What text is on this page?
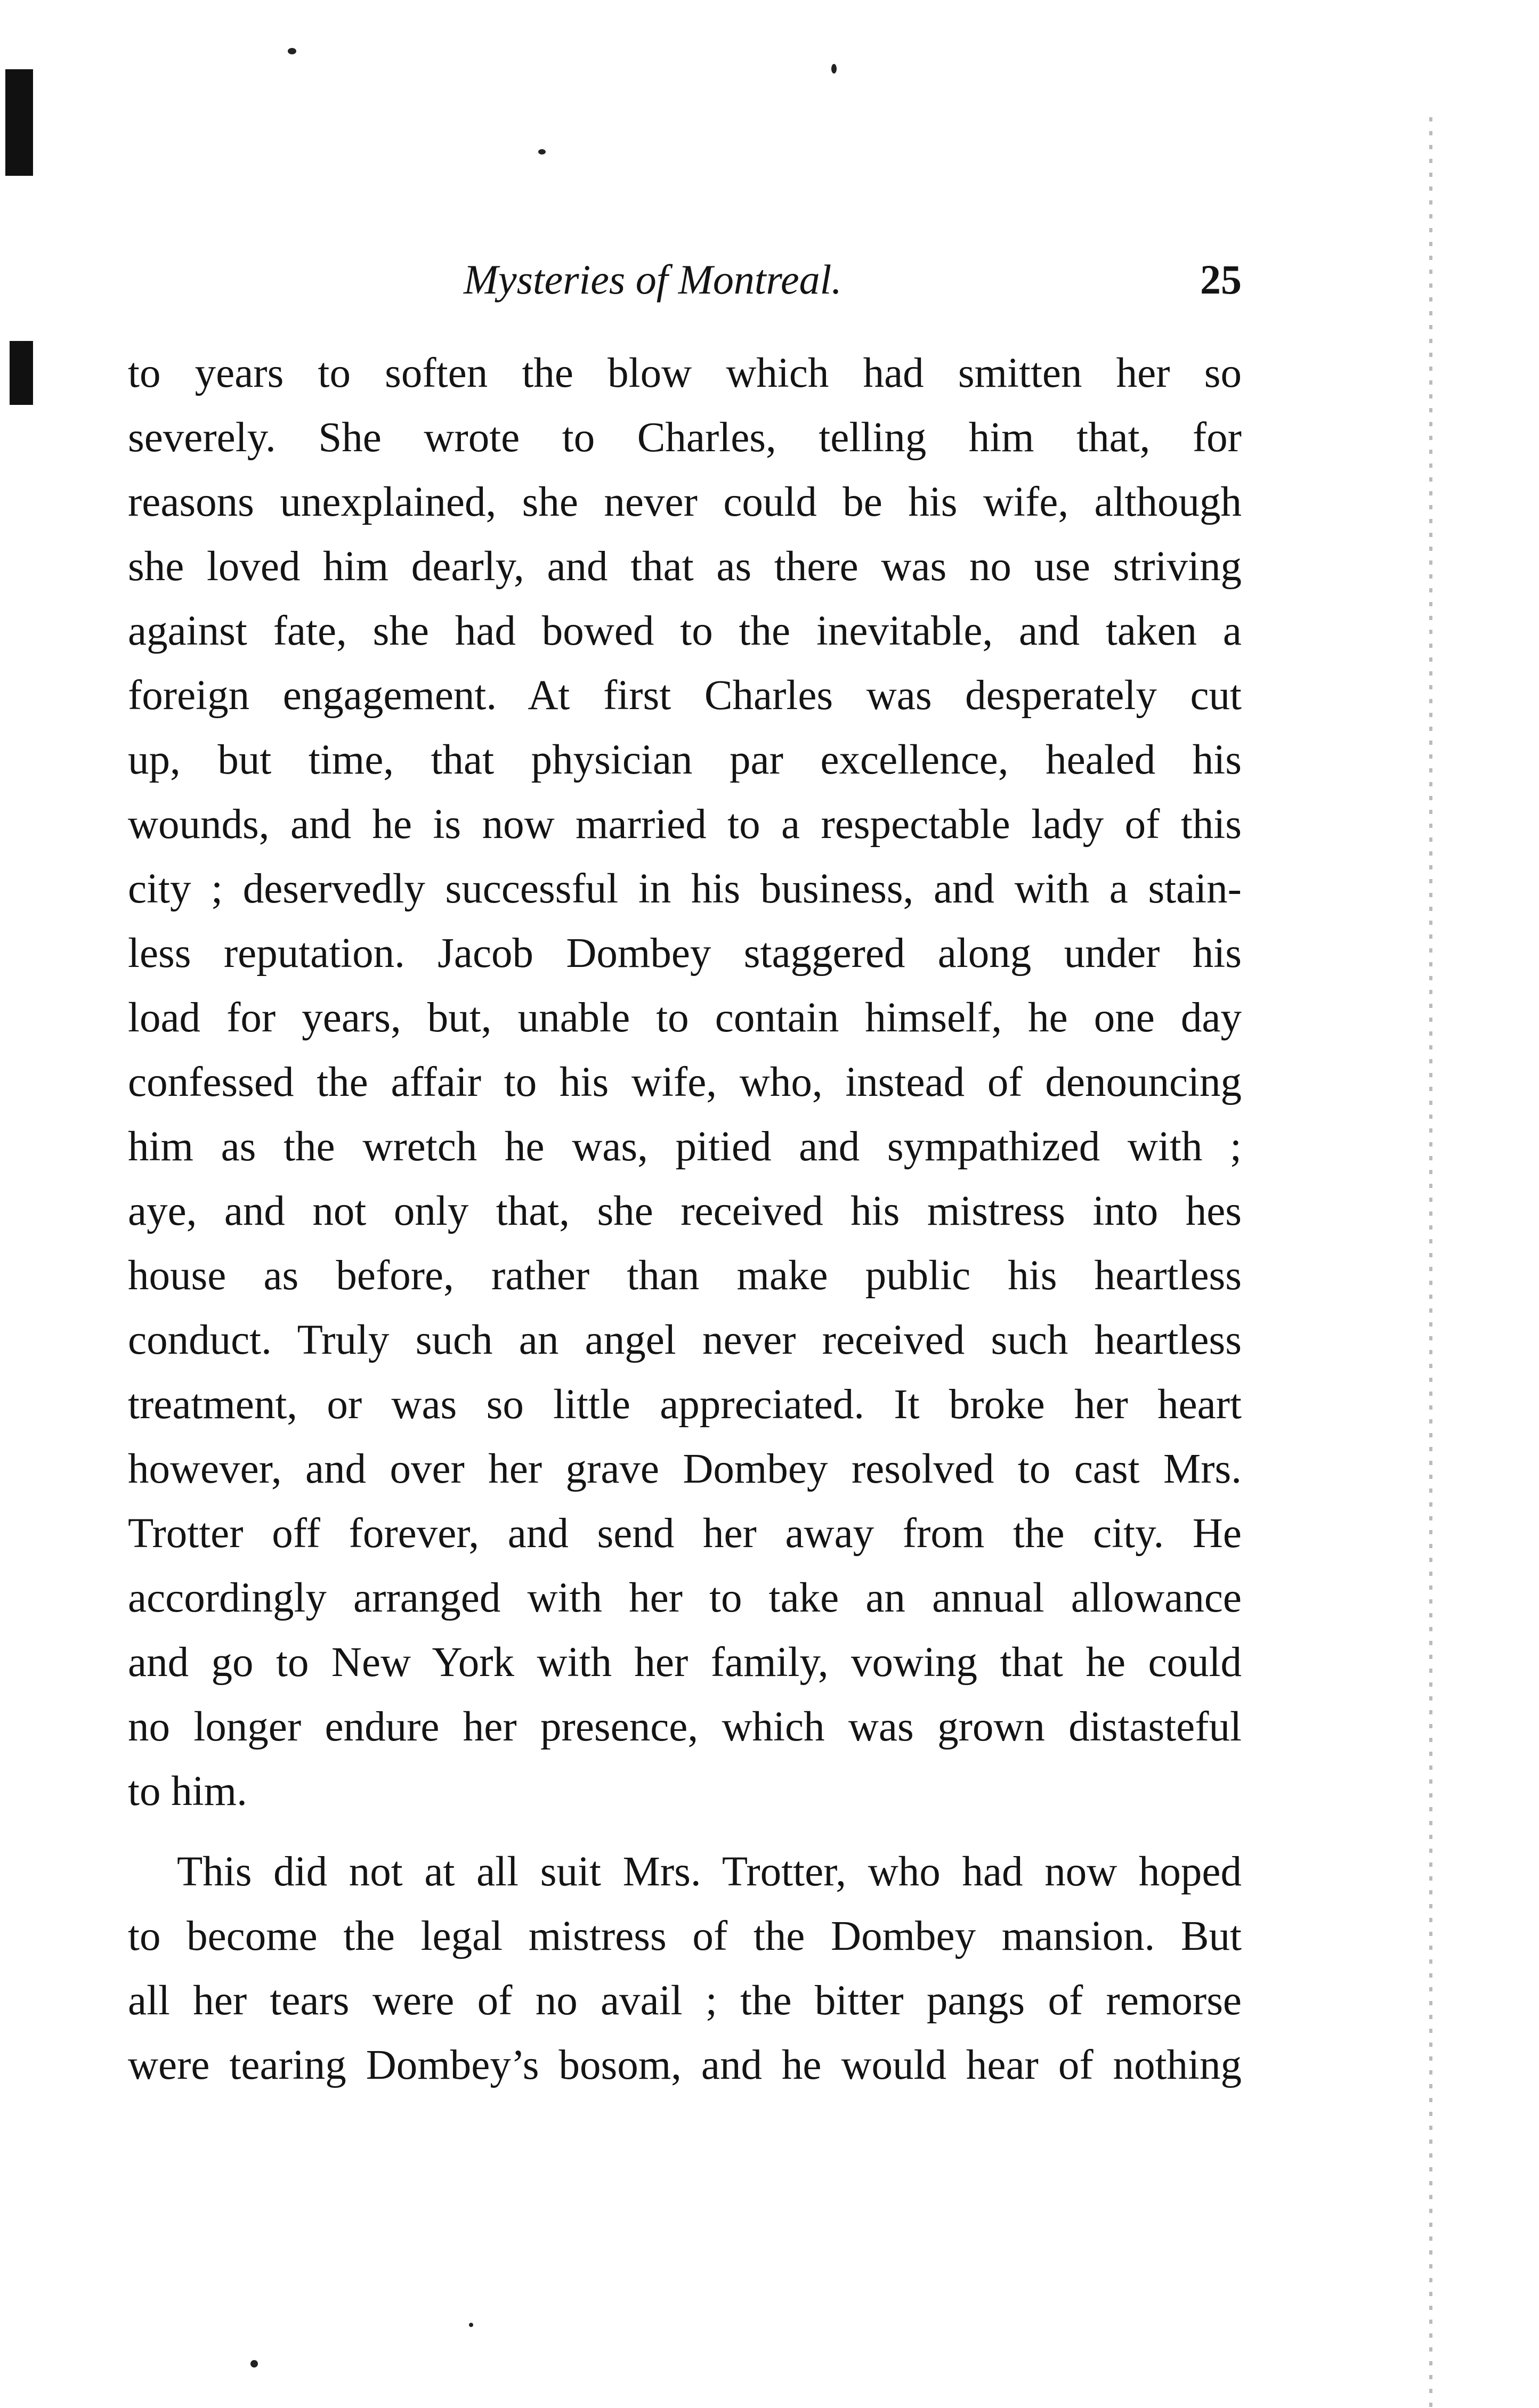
Mysteries of Montreal.	25
to years to soften the blow which had smitten her so
severely. She wrote to Charles, telling him that, for
reasons unexplained, she never could be his wife, although
she loved him dearly, and that as there was no use striving
against fate, she had bowed to the inevitable, and taken a
foreign engagement. At first Charles was desperately cut
up, but time, that physician par excellence, healed his
wounds, and he is now married to a respectable lady of this
city ; deservedly successful in his business, and with a stain-
less reputation. Jacob Dombey staggered along under his
load for years, but, unable to contain himself, he one day
confessed the affair to his wife, who, instead of denouncing
him as the wretch he was, pitied and sympathized with ;
aye, and not only that, she received his mistress into hes
house as before, rather than make public his heartless
conduct. Truly such an angel never received such heartless
treatment, or was so little appreciated. It broke her heart
however, and over her grave Dombey resolved to cast Mrs.
Trotter off forever, and send her away from the city. He
accordingly arranged with her to take an annual allowance
and go to New York with her family, vowing that he could
no longer endure her presence, which was grown distasteful
to him.
This did not at all suit Mrs. Trotter, who had now hoped
to become the legal mistress of the Dombey mansion. But
all her tears were of no avail ; the bitter pangs of remorse
were tearing Dombey’s bosom, and he would hear of nothing
